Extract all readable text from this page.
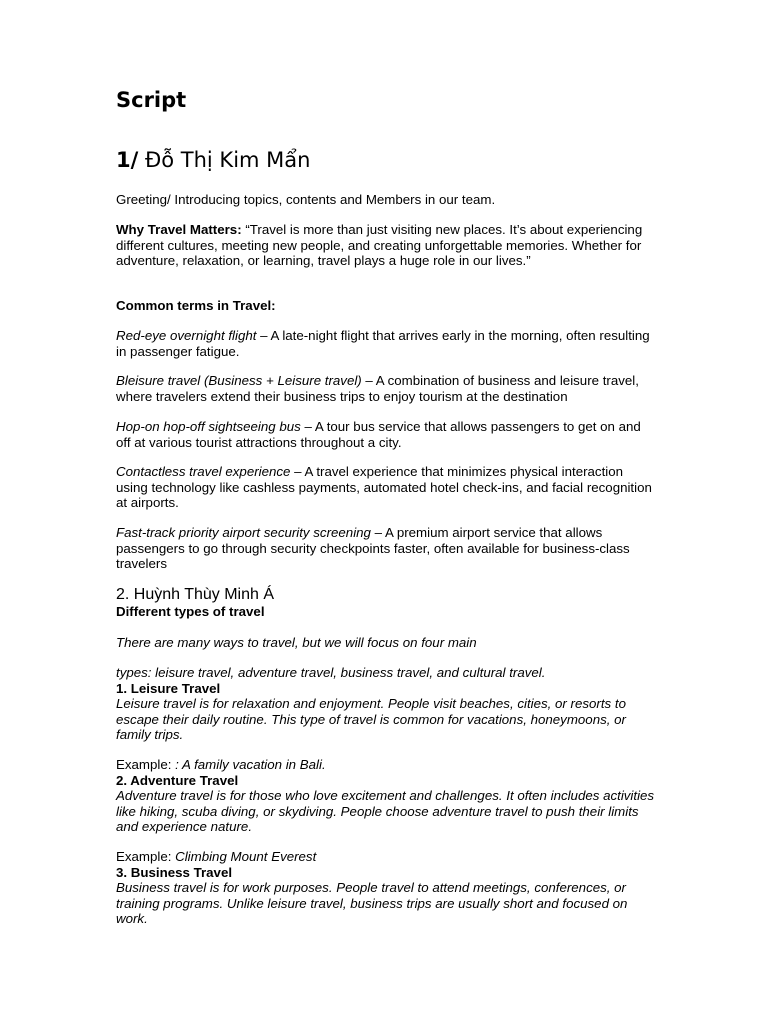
Script
1/ Đỗ Thị Kim Mẩn

Greeting/ Introducing topics, contents and Members in our team.

Why Travel Matters: “Travel is more than just visiting new places. It’s about experiencing different cultures, meeting new people, and creating unforgettable memories. Whether for adventure, relaxation, or learning, travel plays a huge role in our lives.”

Common terms in Travel:

Red-eye overnight flight – A late-night flight that arrives early in the morning, often resulting in passenger fatigue.

Bleisure travel (Business + Leisure travel) – A combination of business and leisure travel, where travelers extend their business trips to enjoy tourism at the destination

Hop-on hop-off sightseeing bus – A tour bus service that allows passengers to get on and off at various tourist attractions throughout a city.

Contactless travel experience – A travel experience that minimizes physical interaction using technology like cashless payments, automated hotel check-ins, and facial recognition at airports.

Fast-track priority airport security screening – A premium airport service that allows passengers to go through security checkpoints faster, often available for business-class travelers

2. Huỳnh Thùy Minh Á

Different types of travel

There are many ways to travel, but we will focus on four main

types: leisure travel, adventure travel, business travel, and cultural travel.

1. Leisure Travel

Leisure travel is for relaxation and enjoyment. People visit beaches, cities, or resorts to escape their daily routine. This type of travel is common for vacations, honeymoons, or family trips.

Example: : A family vacation in Bali.

2. Adventure Travel

Adventure travel is for those who love excitement and challenges. It often includes activities like hiking, scuba diving, or skydiving. People choose adventure travel to push their limits and experience nature.

Example: Climbing Mount Everest

3. Business Travel

Business travel is for work purposes. People travel to attend meetings, conferences, or training programs. Unlike leisure travel, business trips are usually short and focused on work.
